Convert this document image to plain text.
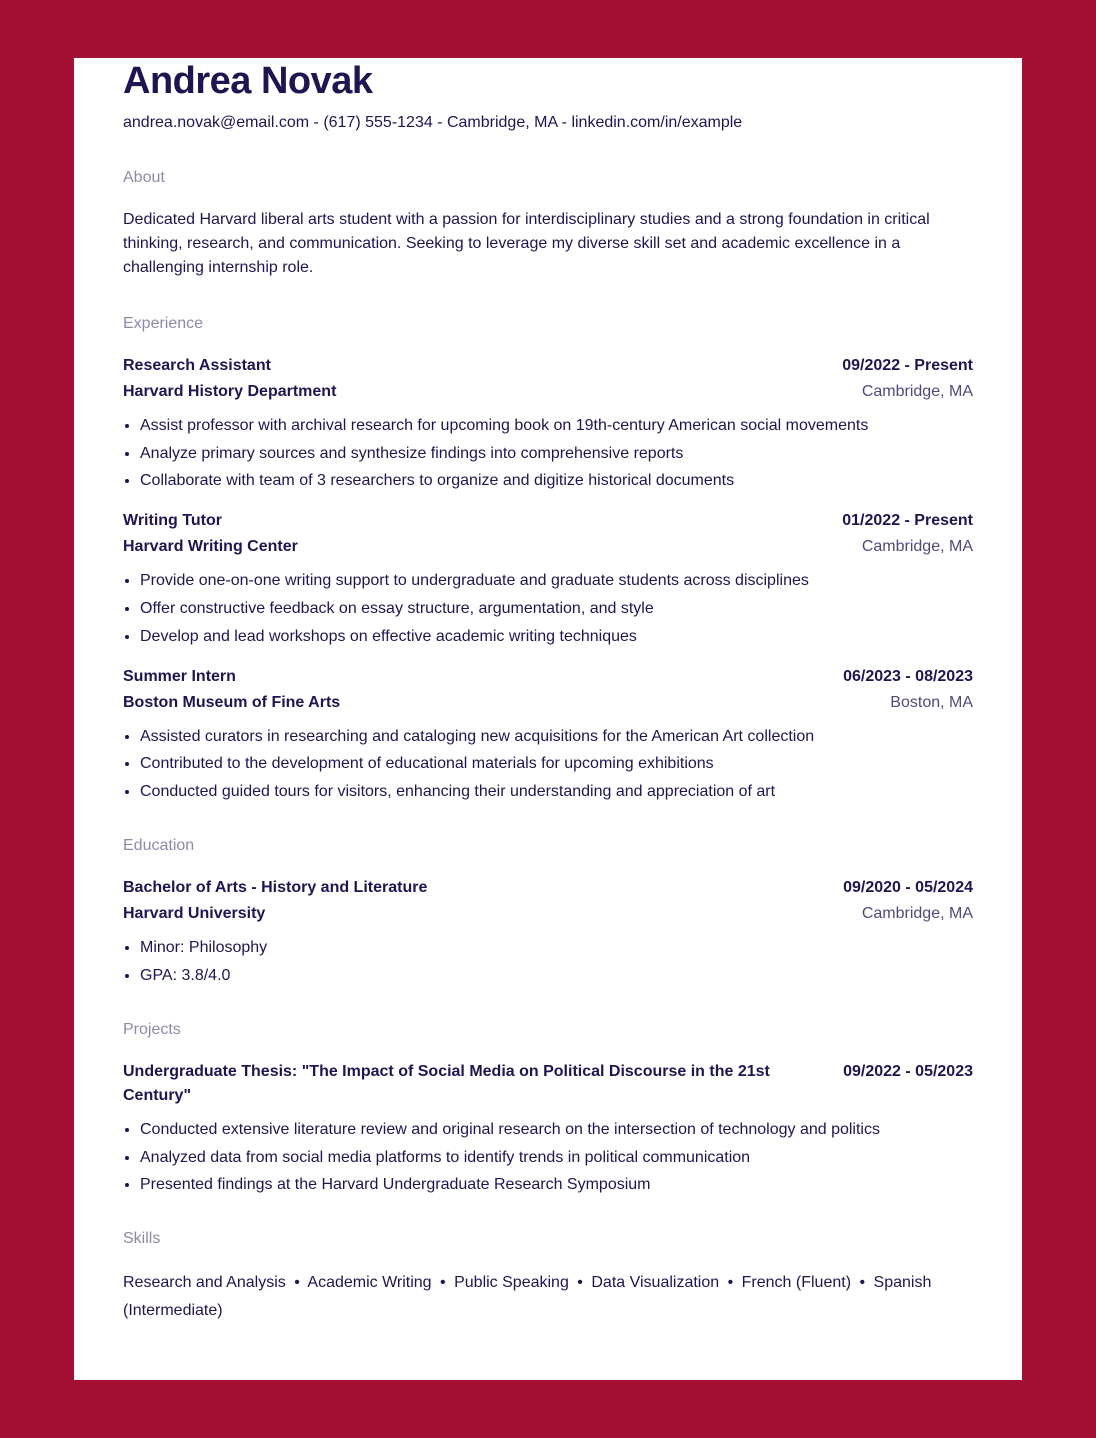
Andrea Novak
andrea.novak@email.com - (617) 555-1234 - Cambridge, MA - linkedin.com/in/example
About
Dedicated Harvard liberal arts student with a passion for interdisciplinary studies and a strong foundation in critical thinking, research, and communication. Seeking to leverage my diverse skill set and academic excellence in a challenging internship role.
Experience
Research Assistant	09/2022 - Present
Harvard History Department	Cambridge, MA
• Assist professor with archival research for upcoming book on 19th-century American social movements
• Analyze primary sources and synthesize findings into comprehensive reports
• Collaborate with team of 3 researchers to organize and digitize historical documents
Writing Tutor	01/2022 - Present
Harvard Writing Center	Cambridge, MA
• Provide one-on-one writing support to undergraduate and graduate students across disciplines
• Offer constructive feedback on essay structure, argumentation, and style
• Develop and lead workshops on effective academic writing techniques
Summer Intern	06/2023 - 08/2023
Boston Museum of Fine Arts	Boston, MA
• Assisted curators in researching and cataloging new acquisitions for the American Art collection
• Contributed to the development of educational materials for upcoming exhibitions
• Conducted guided tours for visitors, enhancing their understanding and appreciation of art
Education
Bachelor of Arts - History and Literature	09/2020 - 05/2024
Harvard University	Cambridge, MA
• Minor: Philosophy
• GPA: 3.8/4.0
Projects
Undergraduate Thesis: "The Impact of Social Media on Political Discourse in the 21st Century"
09/2022 - 05/2023
• Conducted extensive literature review and original research on the intersection of technology and politics
• Analyzed data from social media platforms to identify trends in political communication
• Presented findings at the Harvard Undergraduate Research Symposium
Skills
Research and Analysis • Academic Writing • Public Speaking • Data Visualization • French (Fluent) • Spanish (Intermediate)
